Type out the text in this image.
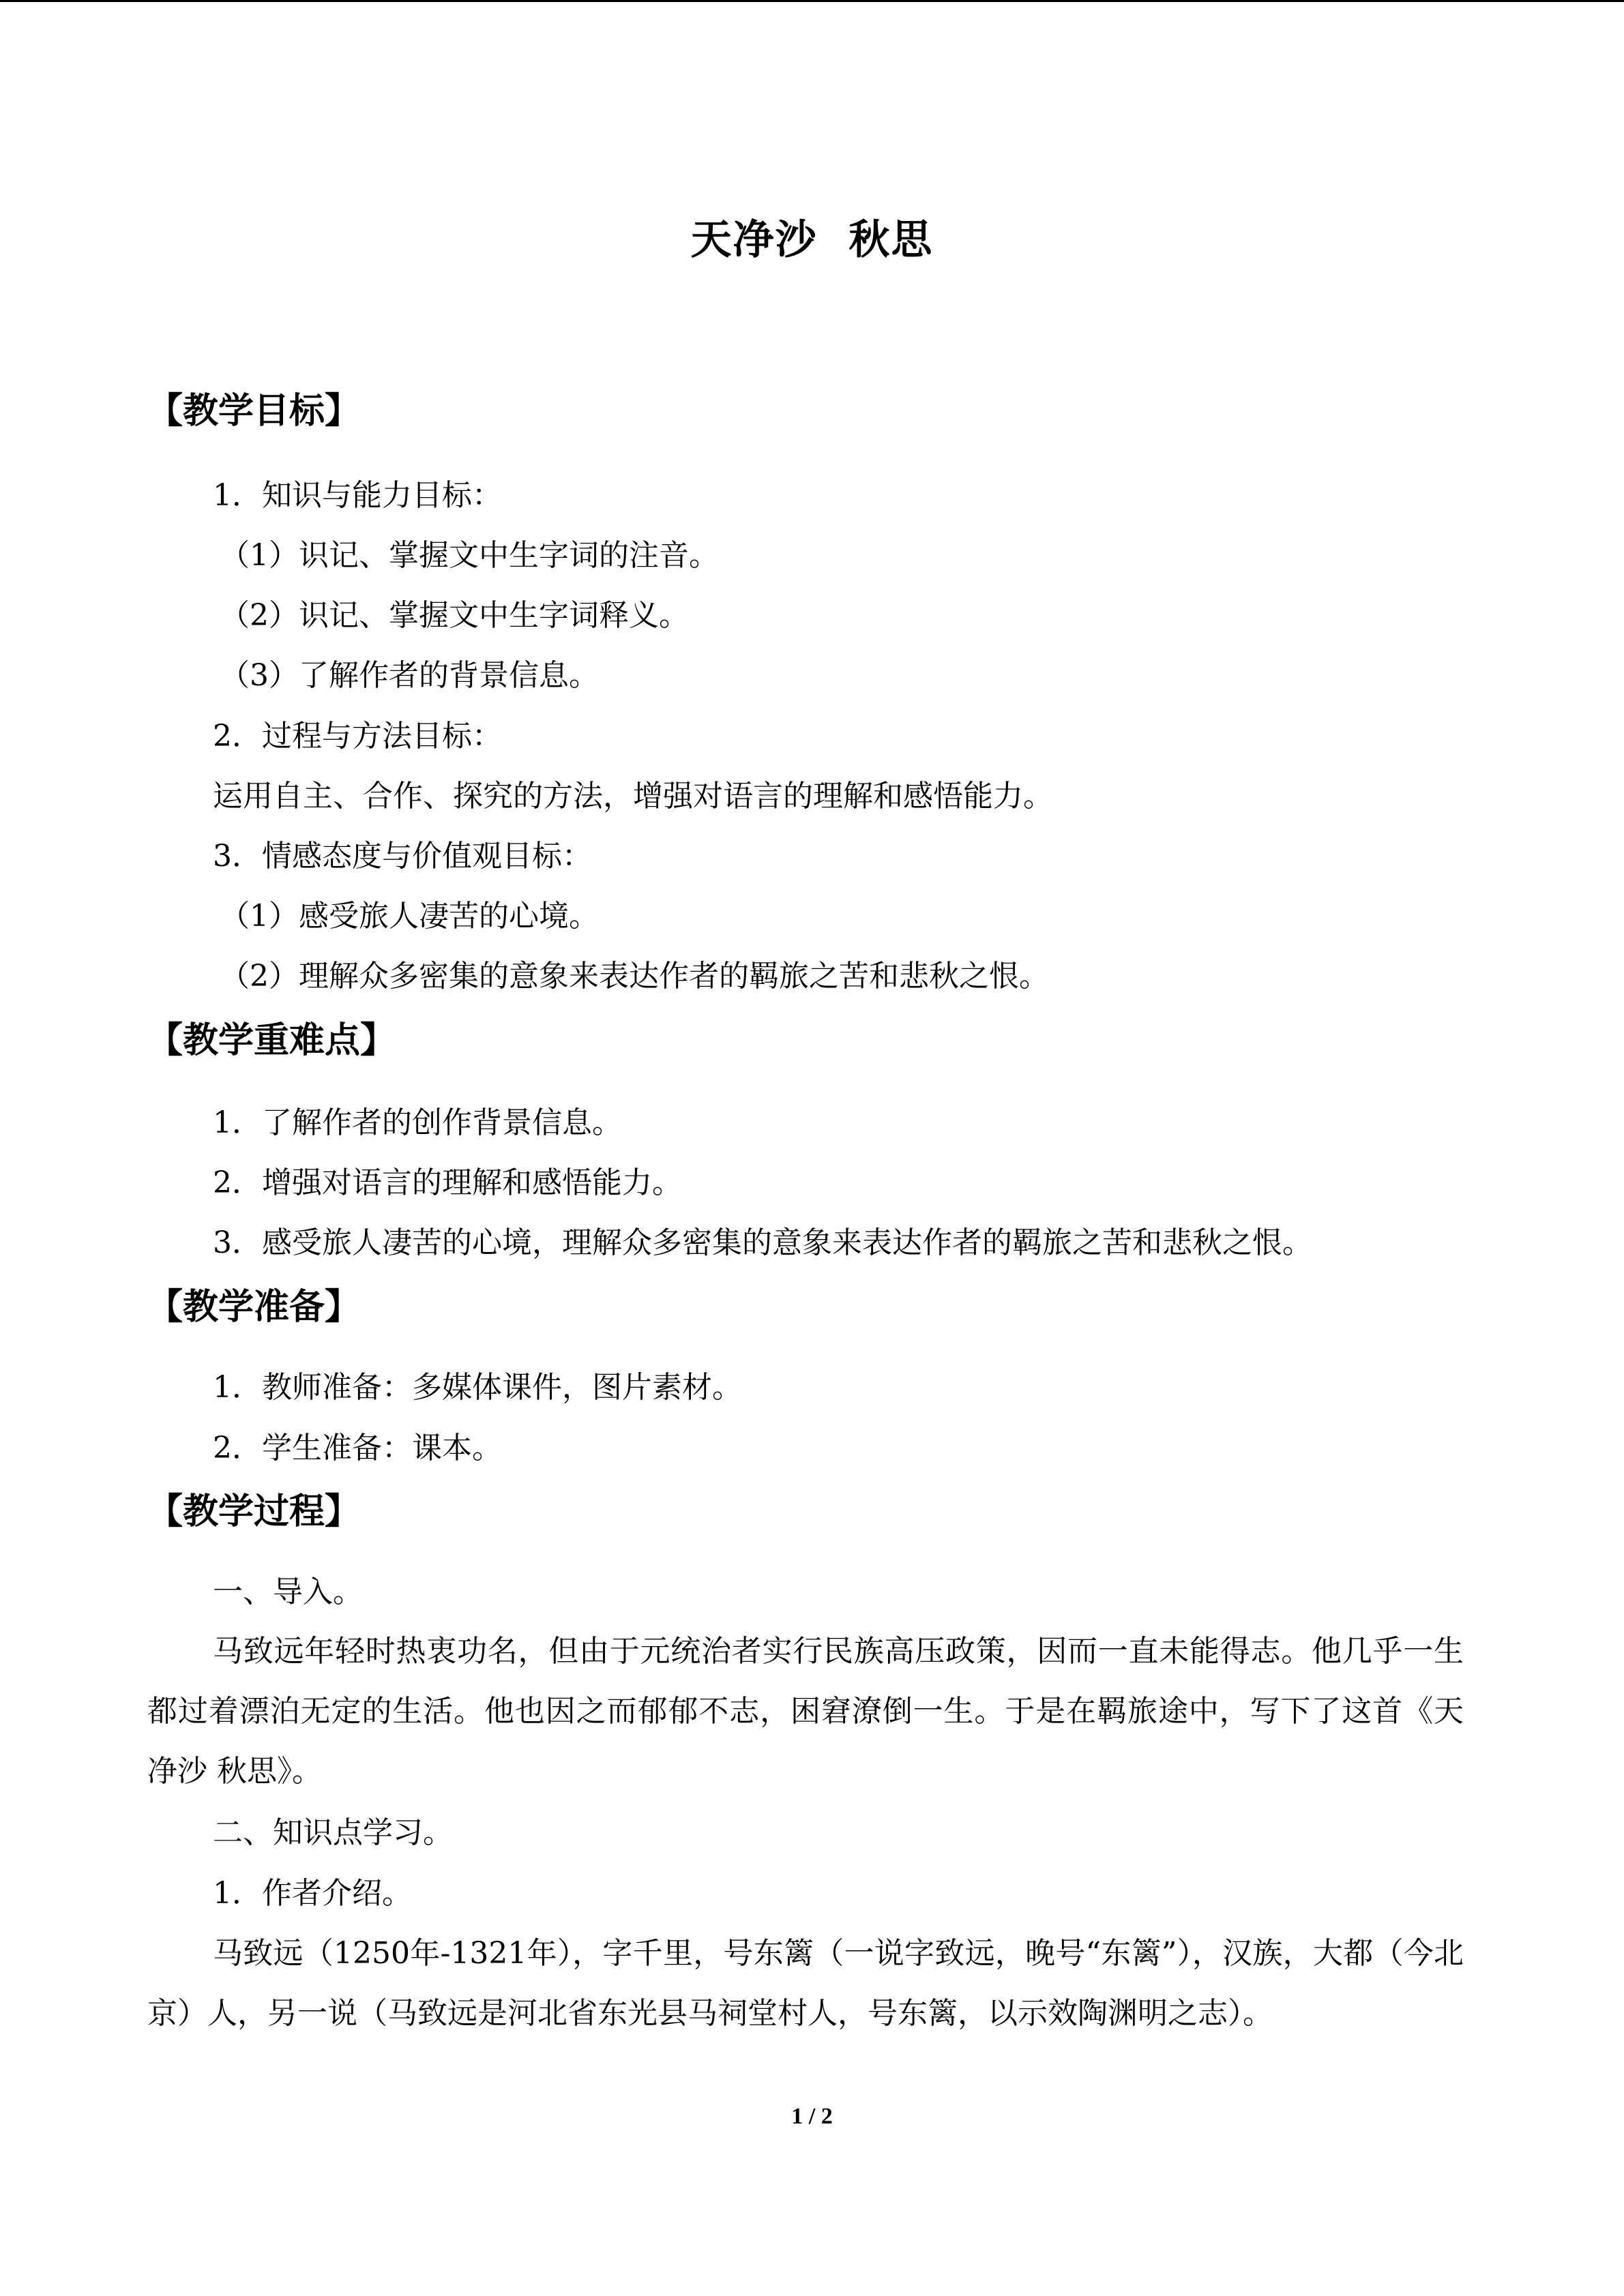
天净沙  秋思
【教学目标】
1．知识与能力目标：
（1）识记、掌握文中生字词的注音。
（2）识记、掌握文中生字词释义。
（3）了解作者的背景信息。
2．过程与方法目标：
运用自主、合作、探究的方法，增强对语言的理解和感悟能力。
3．情感态度与价值观目标：
（1）感受旅人凄苦的心境。
（2）理解众多密集的意象来表达作者的羁旅之苦和悲秋之恨。
【教学重难点】
1．了解作者的创作背景信息。
2．增强对语言的理解和感悟能力。
3．感受旅人凄苦的心境，理解众多密集的意象来表达作者的羁旅之苦和悲秋之恨。
【教学准备】
1．教师准备：多媒体课件，图片素材。
2．学生准备：课本。
【教学过程】
一、导入。
马致远年轻时热衷功名，但由于元统治者实行民族高压政策，因而一直未能得志。他几乎一生都过着漂泊无定的生活。他也因之而郁郁不志，困窘潦倒一生。于是在羁旅途中，写下了这首《天净沙 秋思》。
二、知识点学习。
1．作者介绍。
马致远（1250年-1321年），字千里，号东篱（一说字致远，晚号“东篱”），汉族，大都（今北京）人，另一说（马致远是河北省东光县马祠堂村人，号东篱，以示效陶渊明之志）。
1 / 2
